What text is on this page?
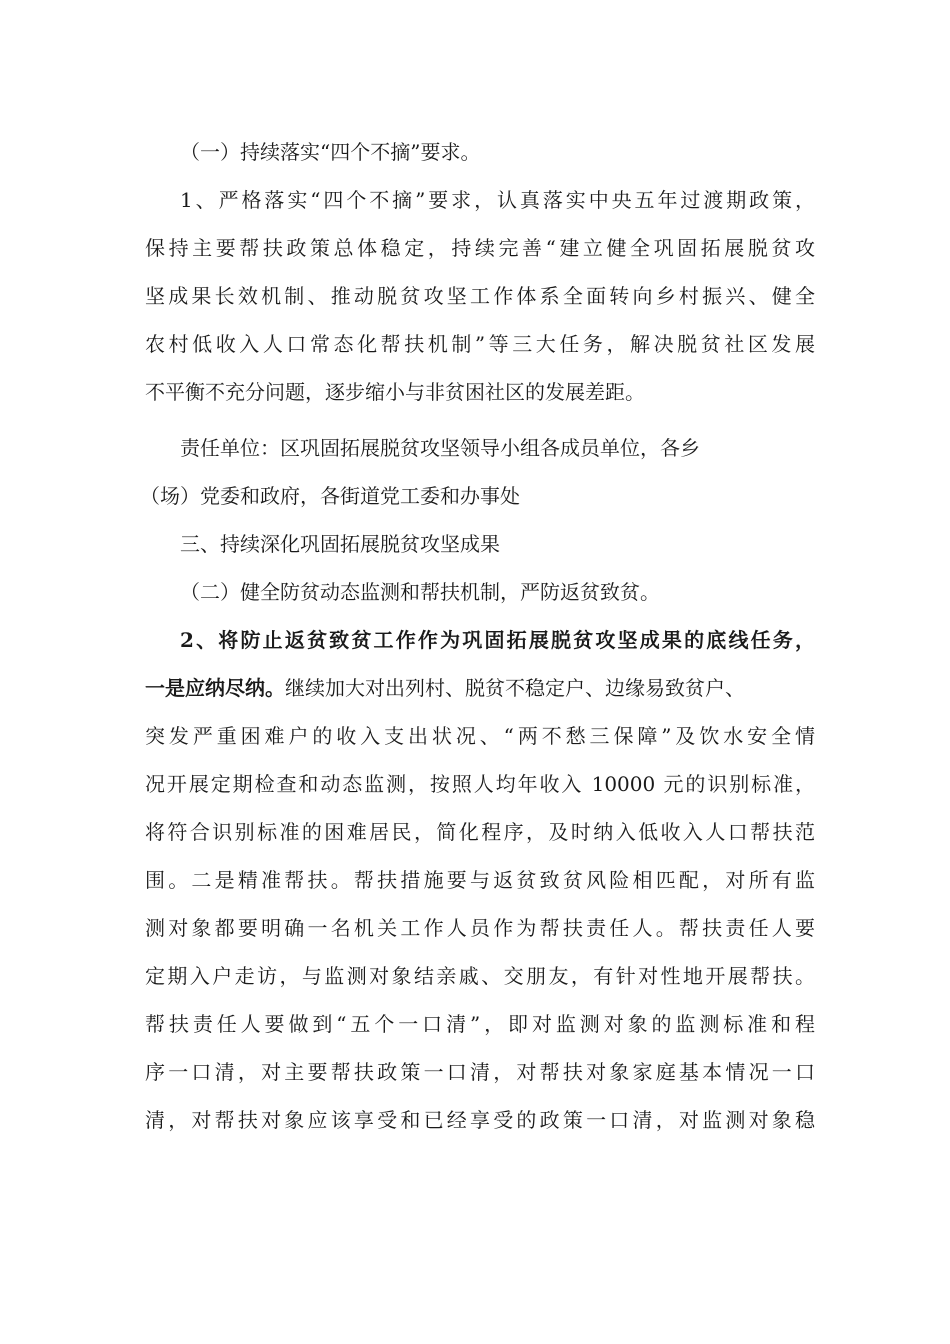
（一）持续落实“四个不摘”要求。
1、严格落实“四个不摘”要求，认真落实中央五年过渡期政策，
保持主要帮扶政策总体稳定，持续完善“建立健全巩固拓展脱贫攻
坚成果长效机制、推动脱贫攻坚工作体系全面转向乡村振兴、健全
农村低收入人口常态化帮扶机制”等三大任务，解决脱贫社区发展
不平衡不充分问题，逐步缩小与非贫困社区的发展差距。
责任单位：区巩固拓展脱贫攻坚领导小组各成员单位，各乡
（场）党委和政府，各街道党工委和办事处
三、持续深化巩固拓展脱贫攻坚成果
（二）健全防贫动态监测和帮扶机制，严防返贫致贫。
2、将防止返贫致贫工作作为巩固拓展脱贫攻坚成果的底线任务，
一是应纳尽纳。继续加大对出列村、脱贫不稳定户、边缘易致贫户、
突发严重困难户的收入支出状况、“两不愁三保障”及饮水安全情
况开展定期检查和动态监测，按照人均年收入 10000 元的识别标准，
将符合识别标准的困难居民，简化程序，及时纳入低收入人口帮扶范
围。二是精准帮扶。帮扶措施要与返贫致贫风险相匹配，对所有监
测对象都要明确一名机关工作人员作为帮扶责任人。帮扶责任人要
定期入户走访，与监测对象结亲戚、交朋友，有针对性地开展帮扶。
帮扶责任人要做到“五个一口清”，即对监测对象的监测标准和程
序一口清，对主要帮扶政策一口清，对帮扶对象家庭基本情况一口
清，对帮扶对象应该享受和已经享受的政策一口清，对监测对象稳
